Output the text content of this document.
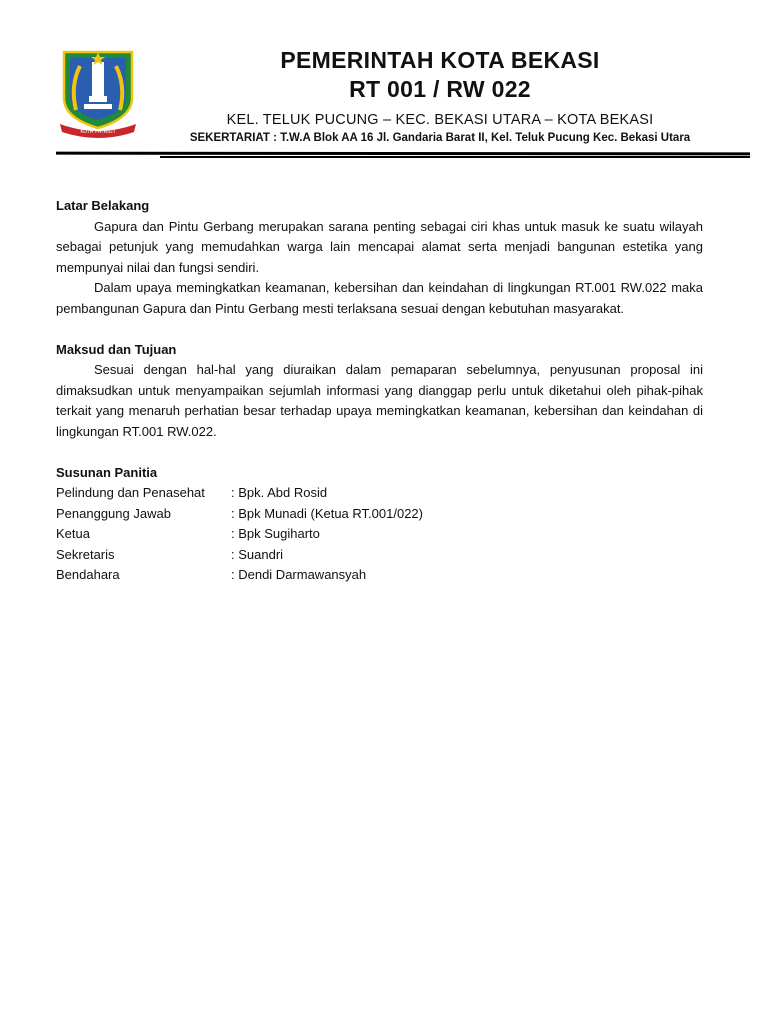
KOTA PATRIOT
PEMERINTAH KOTA BEKASI
RT 001 / RW 022
KEL. TELUK PUCUNG – KEC. BEKASI UTARA – KOTA BEKASI
SEKERTARIAT : T.W.A Blok AA 16 Jl. Gandaria Barat II, Kel. Teluk Pucung Kec. Bekasi Utara
Latar Belakang

Gapura dan Pintu Gerbang merupakan sarana penting sebagai ciri khas untuk masuk ke suatu wilayah sebagai petunjuk yang memudahkan warga lain mencapai alamat serta menjadi bangunan estetika yang mempunyai nilai dan fungsi sendiri.

Dalam upaya memingkatkan keamanan, kebersihan dan keindahan di lingkungan RT.001 RW.022 maka pembangunan Gapura dan Pintu Gerbang mesti terlaksana sesuai dengan kebutuhan masyarakat.

Maksud dan Tujuan

Sesuai dengan hal-hal yang diuraikan dalam pemaparan sebelumnya, penyusunan proposal ini dimaksudkan untuk menyampaikan sejumlah informasi yang dianggap perlu untuk diketahui oleh pihak-pihak terkait yang menaruh perhatian besar terhadap upaya memingkatkan keamanan, kebersihan dan keindahan di lingkungan RT.001 RW.022.

Susunan Panitia
Pelindung dan Penasehat	: Bpk. Abd Rosid
Penanggung Jawab	: Bpk Munadi (Ketua RT.001/022)
Ketua	: Bpk Sugiharto
Sekretaris	: Suandri
Bendahara	: Dendi Darmawansyah
